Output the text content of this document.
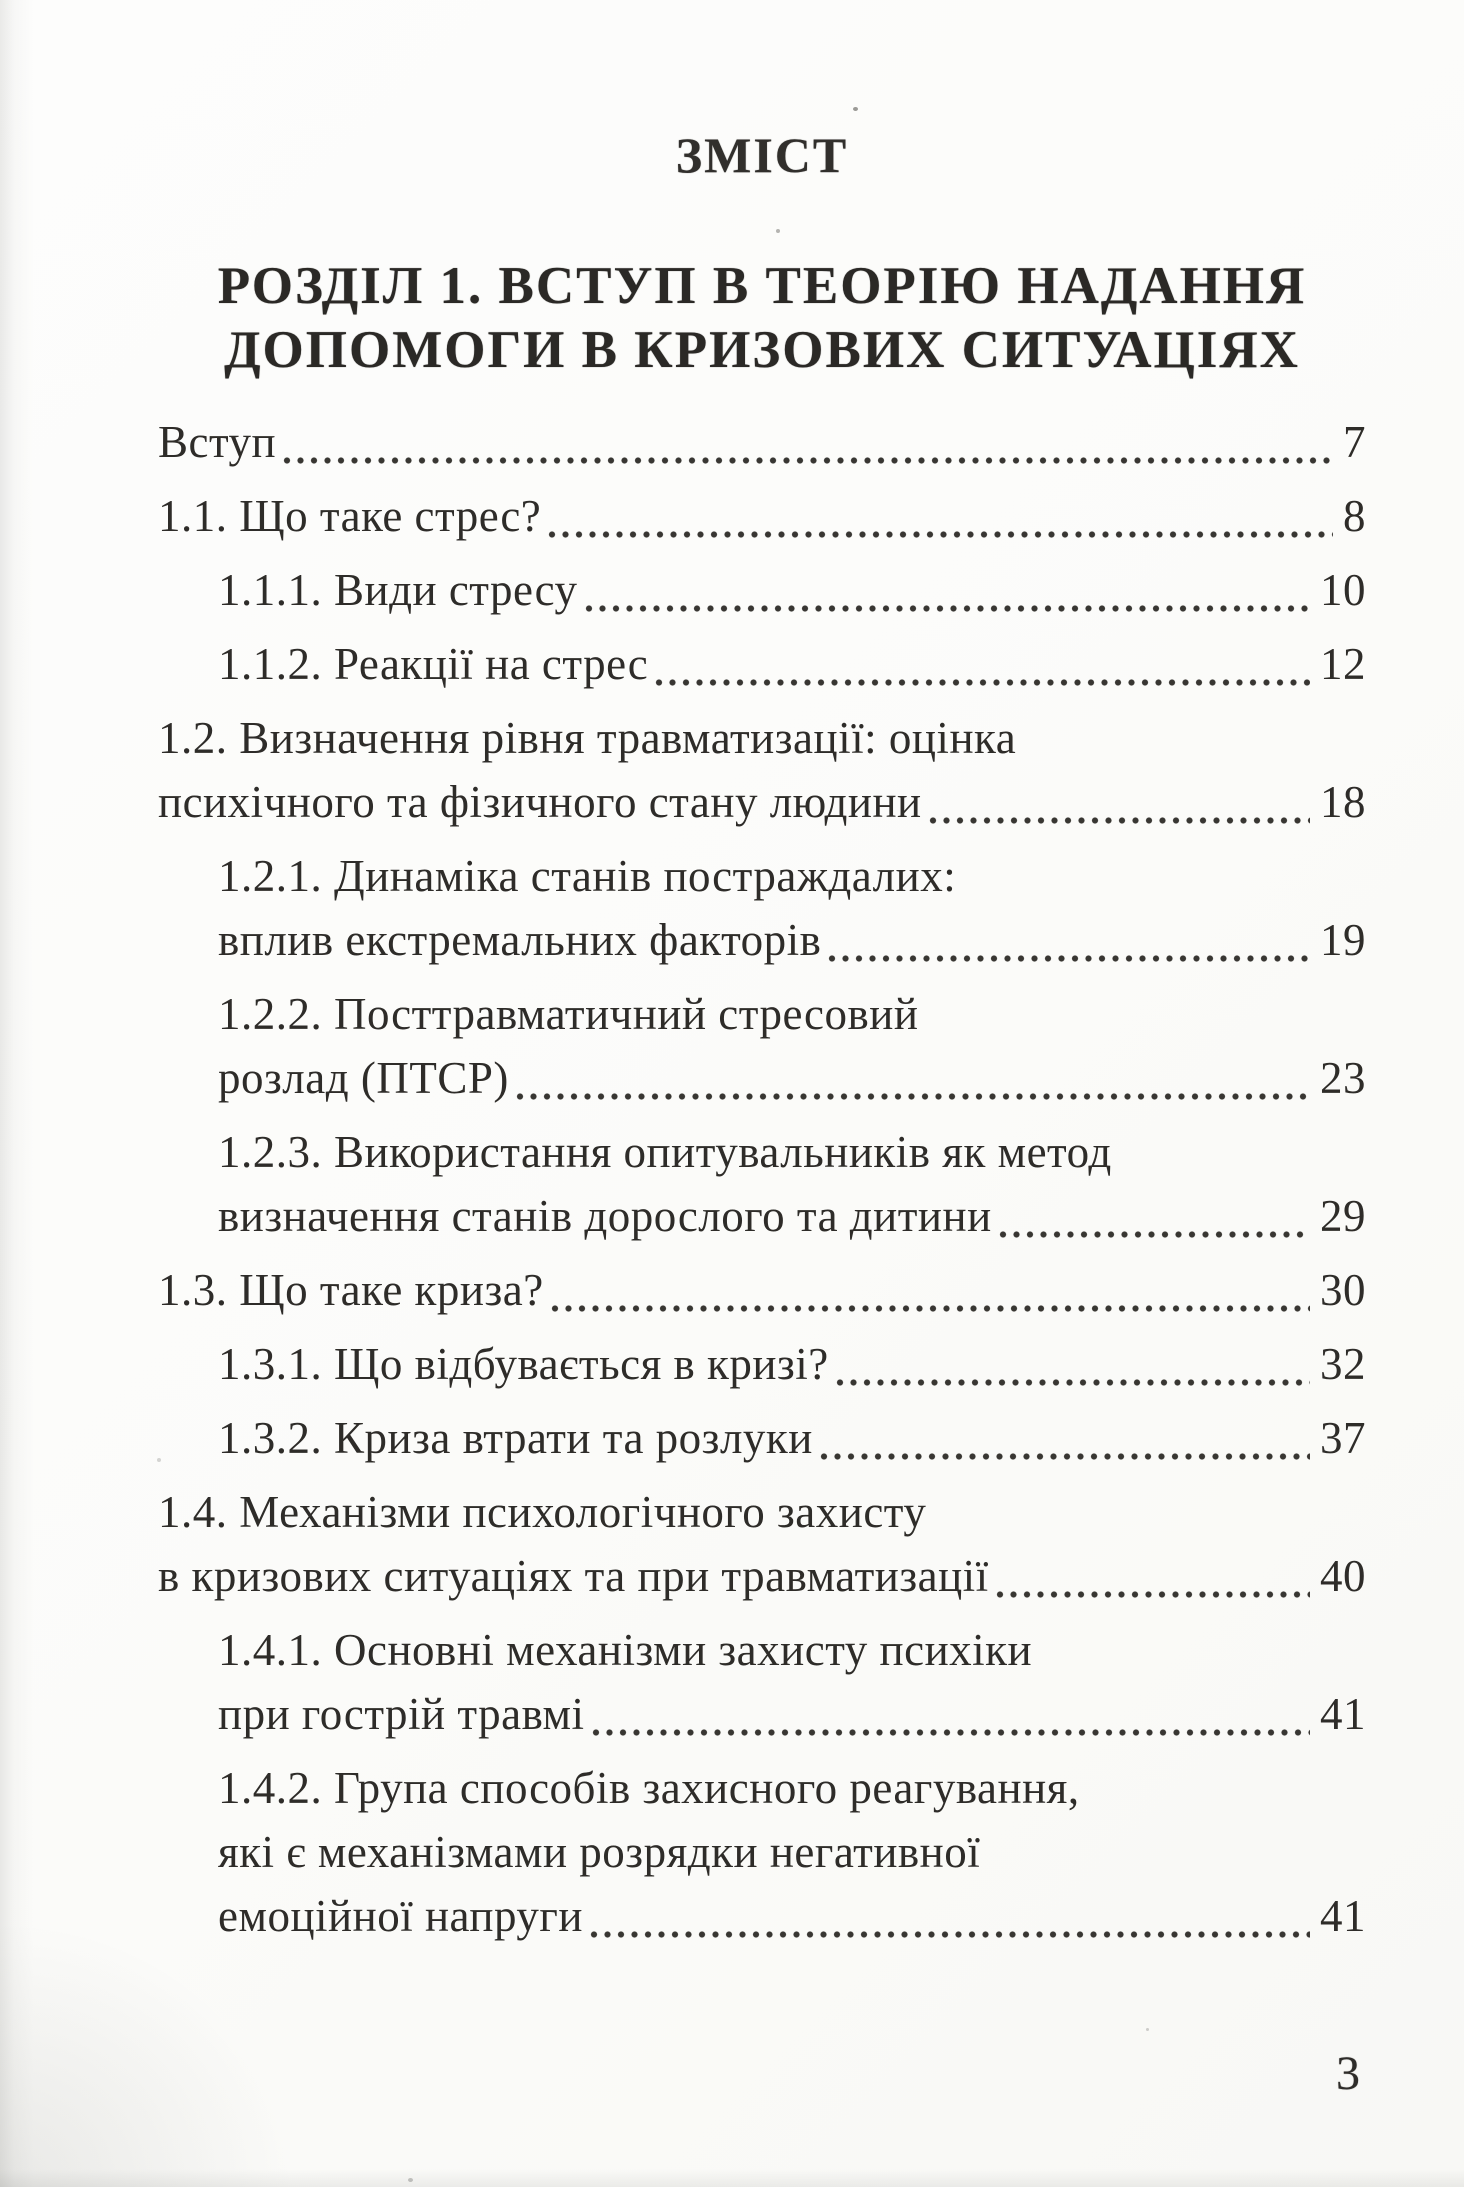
ЗМІСТ
РОЗДІЛ 1. ВСТУП В ТЕОРІЮ НАДАННЯ
ДОПОМОГИ В КРИЗОВИХ СИТУАЦІЯХ
Вступ	7
1.1. Що таке стрес?	8
1.1.1. Види стресу	10
1.1.2. Реакції на стрес	12
1.2. Визначення рівня травматизації: оцінка
психічного та фізичного стану людини	18
1.2.1. Динаміка станів постраждалих:
вплив екстремальних факторів	19
1.2.2. Посттравматичний стресовий
розлад (ПТСР)	23
1.2.3. Використання опитувальників як метод
визначення станів дорослого та дитини	29
1.3. Що таке криза?	30
1.3.1. Що відбувається в кризі?	32
1.3.2. Криза втрати та розлуки	37
1.4. Механізми психологічного захисту
в кризових ситуаціях та при травматизації	40
1.4.1. Основні механізми захисту психіки
при гострій травмі	41
1.4.2. Група способів захисного реагування,
які є механізмами розрядки негативної
емоційної напруги	41
3
